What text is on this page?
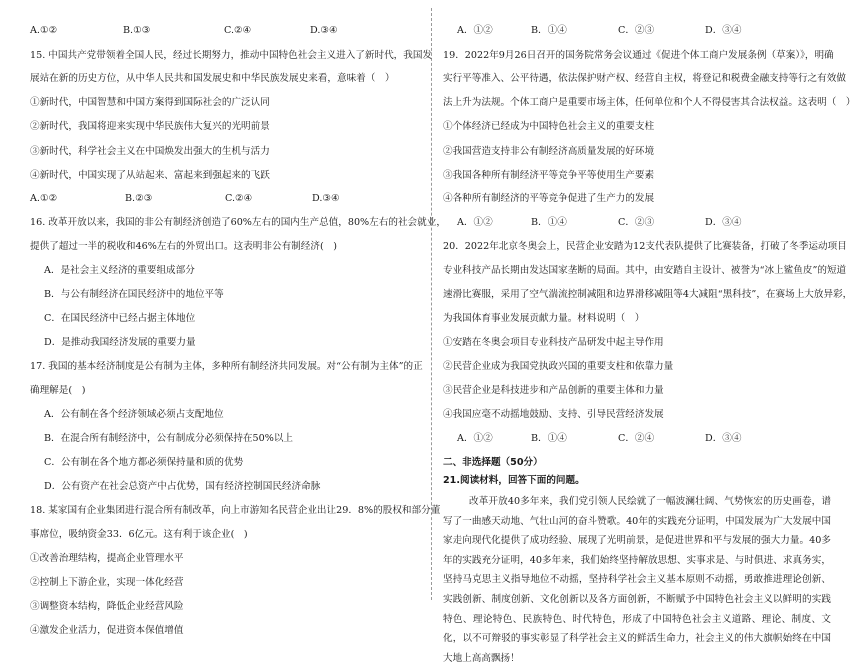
A.①②	B.①③	C.②④	D.③④
15. 中国共产党带领着全国人民，经过长期努力，推动中国特色社会主义进入了新时代，我国发
展站在新的历史方位，从中华人民共和国发展史和中华民族发展史来看，意味着（　）
①新时代，中国智慧和中国方案得到国际社会的广泛认同
②新时代，我国将迎来实现中华民族伟大复兴的光明前景
③新时代，科学社会主义在中国焕发出强大的生机与活力
④新时代，中国实现了从站起来、富起来到强起来的飞跃
A.①②	B.②③	C.②④	D.③④
16. 改革开放以来，我国的非公有制经济创造了60%左右的国内生产总值，80%左右的社会就业，
提供了超过一半的税收和46%左右的外贸出口。这表明非公有制经济(　)
A．是社会主义经济的重要组成部分
B．与公有制经济在国民经济中的地位平等
C．在国民经济中已经占据主体地位
D．是推动我国经济发展的重要力量
17. 我国的基本经济制度是公有制为主体，多种所有制经济共同发展。对“公有制为主体”的正
确理解是(　)
A．公有制在各个经济领域必须占支配地位
B．在混合所有制经济中，公有制成分必须保持在50%以上
C．公有制在各个地方都必须保持量和质的优势
D．公有资产在社会总资产中占优势，国有经济控制国民经济命脉
18. 某家国有企业集团进行混合所有制改革，向上市游知名民营企业出让29．8%的股权和部分董
事席位，吸纳资金33．6亿元。这有利于该企业(　)
①改善治理结构，提高企业管理水平
②控制上下游企业，实现一体化经营
③调整资本结构，降低企业经营风险
④激发企业活力，促进资本保值增值
A．①②	B．①④	C．②③	D．③④
19．2022年9月26日召开的国务院常务会议通过《促进个体工商户发展条例（草案）》，明确
实行平等准入、公平待遇，依法保护财产权、经营自主权，将登记和税费金融支持等行之有效做
法上升为法规。个体工商户是重要市场主体，任何单位和个人不得侵害其合法权益。这表明（　）
①个体经济已经成为中国特色社会主义的重要支柱
②我国营造支持非公有制经济高质量发展的好环境
③我国各种所有制经济平等竞争平等使用生产要素
④各种所有制经济的平等竞争促进了生产力的发展
A．①②	B．①④	C．②③	D．③④
20．2022年北京冬奥会上，民营企业安踏为12支代表队提供了比赛装备，打破了冬季运动项目
专业科技产品长期由发达国家垄断的局面。其中，由安踏自主设计、被誉为“冰上鲨鱼皮”的短道
速滑比赛服，采用了空气湍流控制减阻和边界滑移减阻等4大减阻“黑科技”，在赛场上大放异彩，
为我国体育事业发展贡献力量。材料说明（　）
①安踏在冬奥会项目专业科技产品研发中起主导作用
②民营企业成为我国党执政兴国的重要支柱和依靠力量
③民营企业是科技进步和产品创新的重要主体和力量
④我国应毫不动摇地鼓励、支持、引导民营经济发展
A．①②	B．①④	C．②④	D．③④
二、非选择题（50分）
21.阅读材料，回答下面的问题。
改革开放40多年来，我们党引领人民绘就了一幅波澜壮阔、气势恢宏的历史画卷，谱写了一曲感天动地、气壮山河的奋斗赞歌。40年的实践充分证明，中国发展为广大发展中国家走向现代化提供了成功经验、展现了光明前景，是促进世界和平与发展的强大力量。40多年的实践充分证明，40多年来，我们始终坚持解放思想、实事求是、与时俱进、求真务实，坚持马克思主义指导地位不动摇，坚持科学社会主义基本原则不动摇，勇敢推进理论创新、实践创新、制度创新、文化创新以及各方面创新，不断赋予中国特色社会主义以鲜明的实践特色、理论特色、民族特色、时代特色，形成了中国特色社会主义道路、理论、制度、文化，以不可辩驳的事实彰显了科学社会主义的鲜活生命力，社会主义的伟大旗帜始终在中国大地上高高飘扬！
